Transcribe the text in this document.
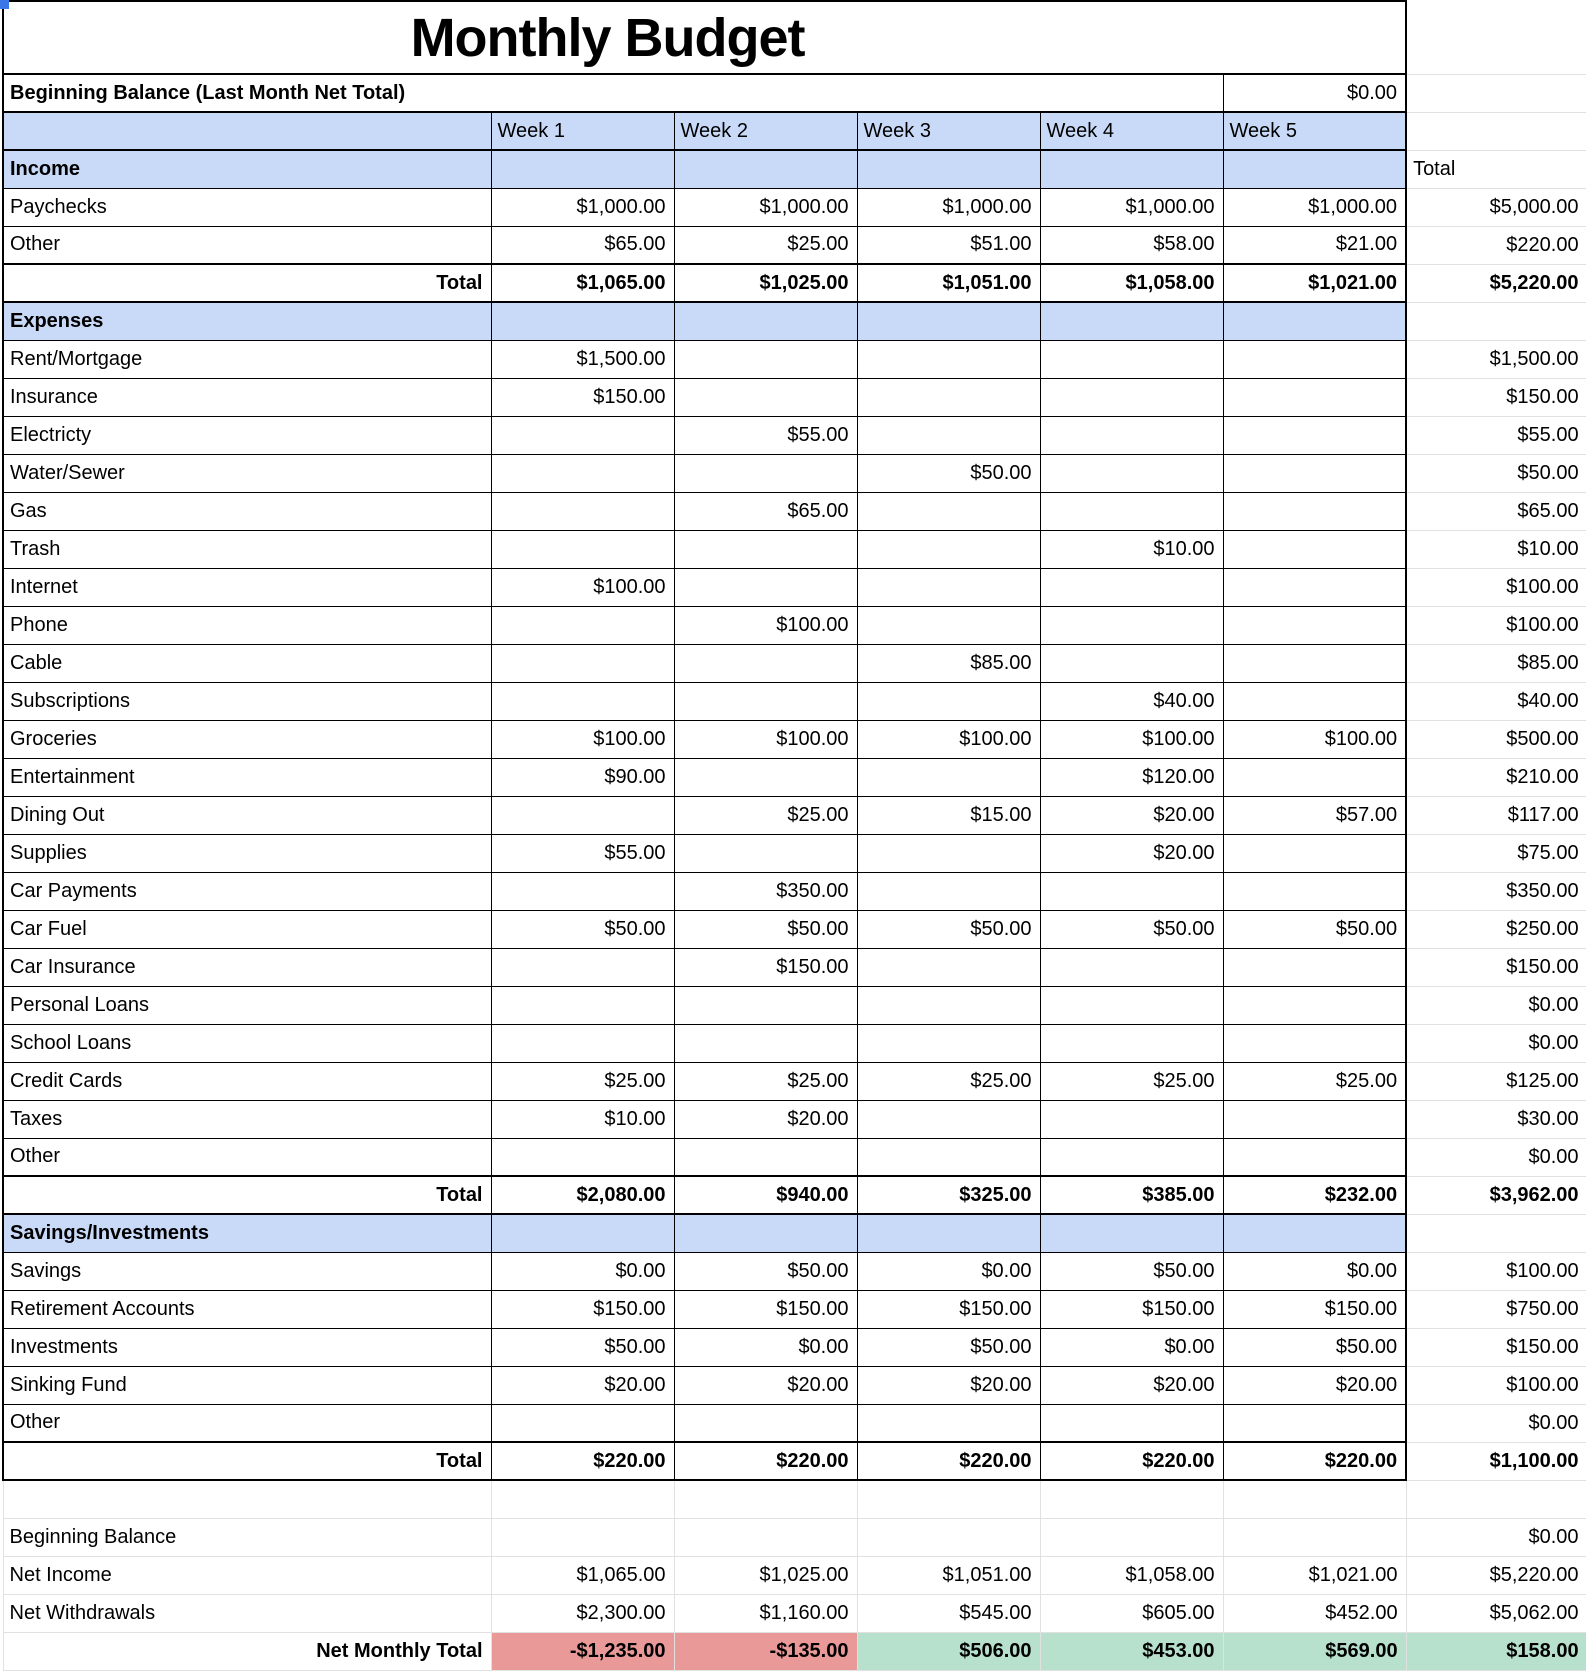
Monthly Budget						
Beginning Balance (Last Month Net Total)					$0.00	
	Week 1	Week 2	Week 3	Week 4	Week 5	
Income						Total
Paychecks	$1,000.00	$1,000.00	$1,000.00	$1,000.00	$1,000.00	$5,000.00
Other	$65.00	$25.00	$51.00	$58.00	$21.00	$220.00
Total	$1,065.00	$1,025.00	$1,051.00	$1,058.00	$1,021.00	$5,220.00
Expenses						
Rent/Mortgage	$1,500.00					$1,500.00
Insurance	$150.00					$150.00
Electricty		$55.00				$55.00
Water/Sewer			$50.00			$50.00
Gas		$65.00				$65.00
Trash				$10.00		$10.00
Internet	$100.00					$100.00
Phone		$100.00				$100.00
Cable			$85.00			$85.00
Subscriptions				$40.00		$40.00
Groceries	$100.00	$100.00	$100.00	$100.00	$100.00	$500.00
Entertainment	$90.00			$120.00		$210.00
Dining Out		$25.00	$15.00	$20.00	$57.00	$117.00
Supplies	$55.00			$20.00		$75.00
Car Payments		$350.00				$350.00
Car Fuel	$50.00	$50.00	$50.00	$50.00	$50.00	$250.00
Car Insurance		$150.00				$150.00
Personal Loans						$0.00
School Loans						$0.00
Credit Cards	$25.00	$25.00	$25.00	$25.00	$25.00	$125.00
Taxes	$10.00	$20.00				$30.00
Other						$0.00
Total	$2,080.00	$940.00	$325.00	$385.00	$232.00	$3,962.00
Savings/Investments						
Savings	$0.00	$50.00	$0.00	$50.00	$0.00	$100.00
Retirement Accounts	$150.00	$150.00	$150.00	$150.00	$150.00	$750.00
Investments	$50.00	$0.00	$50.00	$0.00	$50.00	$150.00
Sinking Fund	$20.00	$20.00	$20.00	$20.00	$20.00	$100.00
Other						$0.00
Total	$220.00	$220.00	$220.00	$220.00	$220.00	$1,100.00

Beginning Balance						$0.00
Net Income	$1,065.00	$1,025.00	$1,051.00	$1,058.00	$1,021.00	$5,220.00
Net Withdrawals	$2,300.00	$1,160.00	$545.00	$605.00	$452.00	$5,062.00
Net Monthly Total	-$1,235.00	-$135.00	$506.00	$453.00	$569.00	$158.00
